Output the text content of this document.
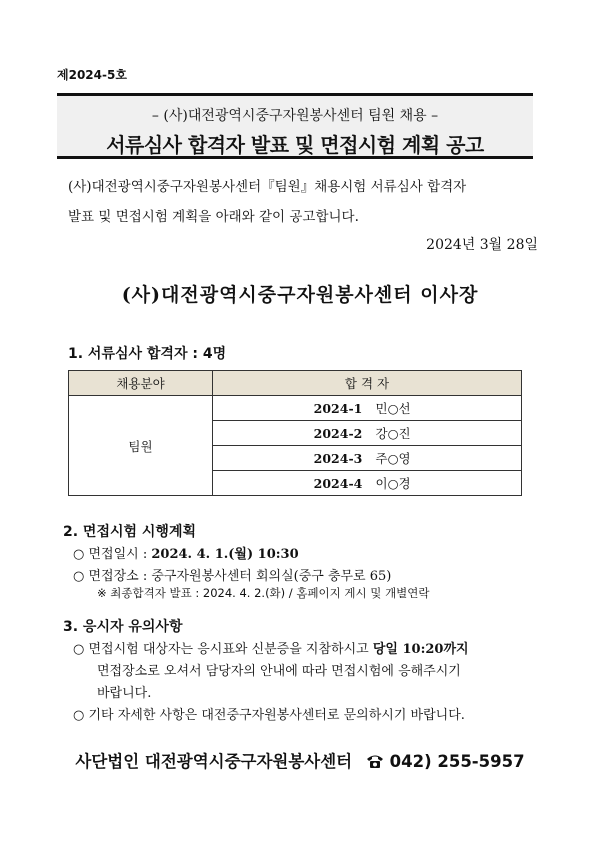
제2024-5호
– (사)대전광역시중구자원봉사센터 팀원 채용 –
서류심사 합격자 발표 및 면접시험 계획 공고

(사)대전광역시중구자원봉사센터『팀원』채용시험 서류심사 합격자

발표 및 면접시험 계획을 아래와 같이 공고합니다.

2024년 3월 28일
(사)대전광역시중구자원봉사센터 이사장
1. 서류심사 합격자 : 4명
채용분야	합 격 자
팀원	2024-1 민○선
	2024-2 강○진
	2024-3 주○영
	2024-4 이○경
2. 면접시험 시행계획
○ 면접일시 : 2024. 4. 1.(월) 10:30
○ 면접장소 : 중구자원봉사센터 회의실(중구 충무로 65)
※ 최종합격자 발표 : 2024. 4. 2.(화) / 홈페이지 게시 및 개별연락
3. 응시자 유의사항
○ 면접시험 대상자는 응시표와 신분증을 지참하시고 당일 10:20까지
면접장소로 오셔서 담당자의 안내에 따라 면접시험에 응해주시기
바랍니다.
○ 기타 자세한 사항은 대전중구자원봉사센터로 문의하시기 바랍니다.
사단법인 대전광역시중구자원봉사센터 042) 255-5957
